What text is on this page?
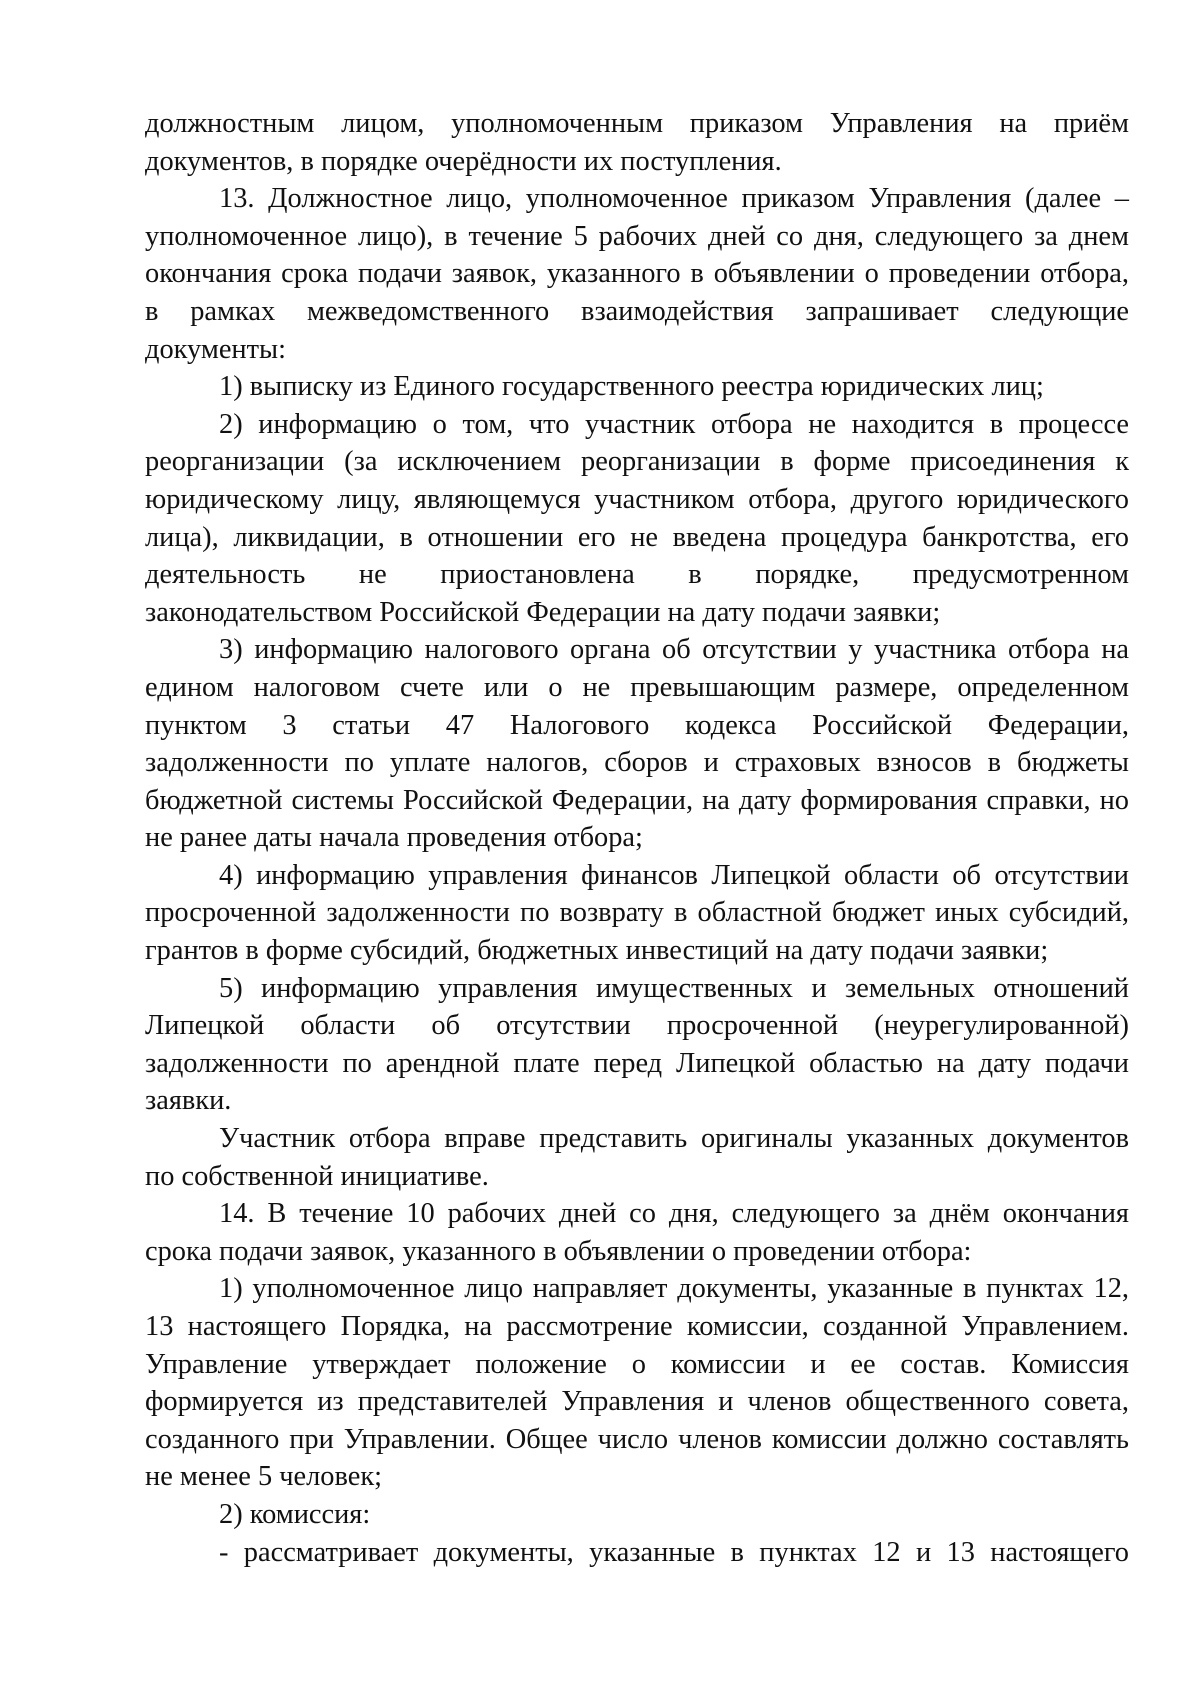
должностным лицом, уполномоченным приказом Управления на приём
документов, в порядке очерёдности их поступления.

13. Должностное лицо, уполномоченное приказом Управления (далее –
уполномоченное лицо), в течение 5 рабочих дней со дня, следующего за днем
окончания срока подачи заявок, указанного в объявлении о проведении отбора,
в рамках межведомственного взаимодействия запрашивает следующие
документы:

1) выписку из Единого государственного реестра юридических лиц;

2) информацию о том, что участник отбора не находится в процессе
реорганизации (за исключением реорганизации в форме присоединения к
юридическому лицу, являющемуся участником отбора, другого юридического
лица), ликвидации, в отношении его не введена процедура банкротства, его
деятельность не приостановлена в порядке, предусмотренном
законодательством Российской Федерации на дату подачи заявки;

3) информацию налогового органа об отсутствии у участника отбора на
едином налоговом счете или о не превышающим размере, определенном
пунктом 3 статьи 47 Налогового кодекса Российской Федерации,
задолженности по уплате налогов, сборов и страховых взносов в бюджеты
бюджетной системы Российской Федерации, на дату формирования справки, но
не ранее даты начала проведения отбора;

4) информацию управления финансов Липецкой области об отсутствии
просроченной задолженности по возврату в областной бюджет иных субсидий,
грантов в форме субсидий, бюджетных инвестиций на дату подачи заявки;

5) информацию управления имущественных и земельных отношений
Липецкой области об отсутствии просроченной (неурегулированной)
задолженности по арендной плате перед Липецкой областью на дату подачи
заявки.

Участник отбора вправе представить оригиналы указанных документов
по собственной инициативе.

14. В течение 10 рабочих дней со дня, следующего за днём окончания
срока подачи заявок, указанного в объявлении о проведении отбора:

1) уполномоченное лицо направляет документы, указанные в пунктах 12,
13 настоящего Порядка, на рассмотрение комиссии, созданной Управлением.
Управление утверждает положение о комиссии и ее состав. Комиссия
формируется из представителей Управления и членов общественного совета,
созданного при Управлении. Общее число членов комиссии должно составлять
не менее 5 человек;

2) комиссия:

- рассматривает документы, указанные в пунктах 12 и 13 настоящего
